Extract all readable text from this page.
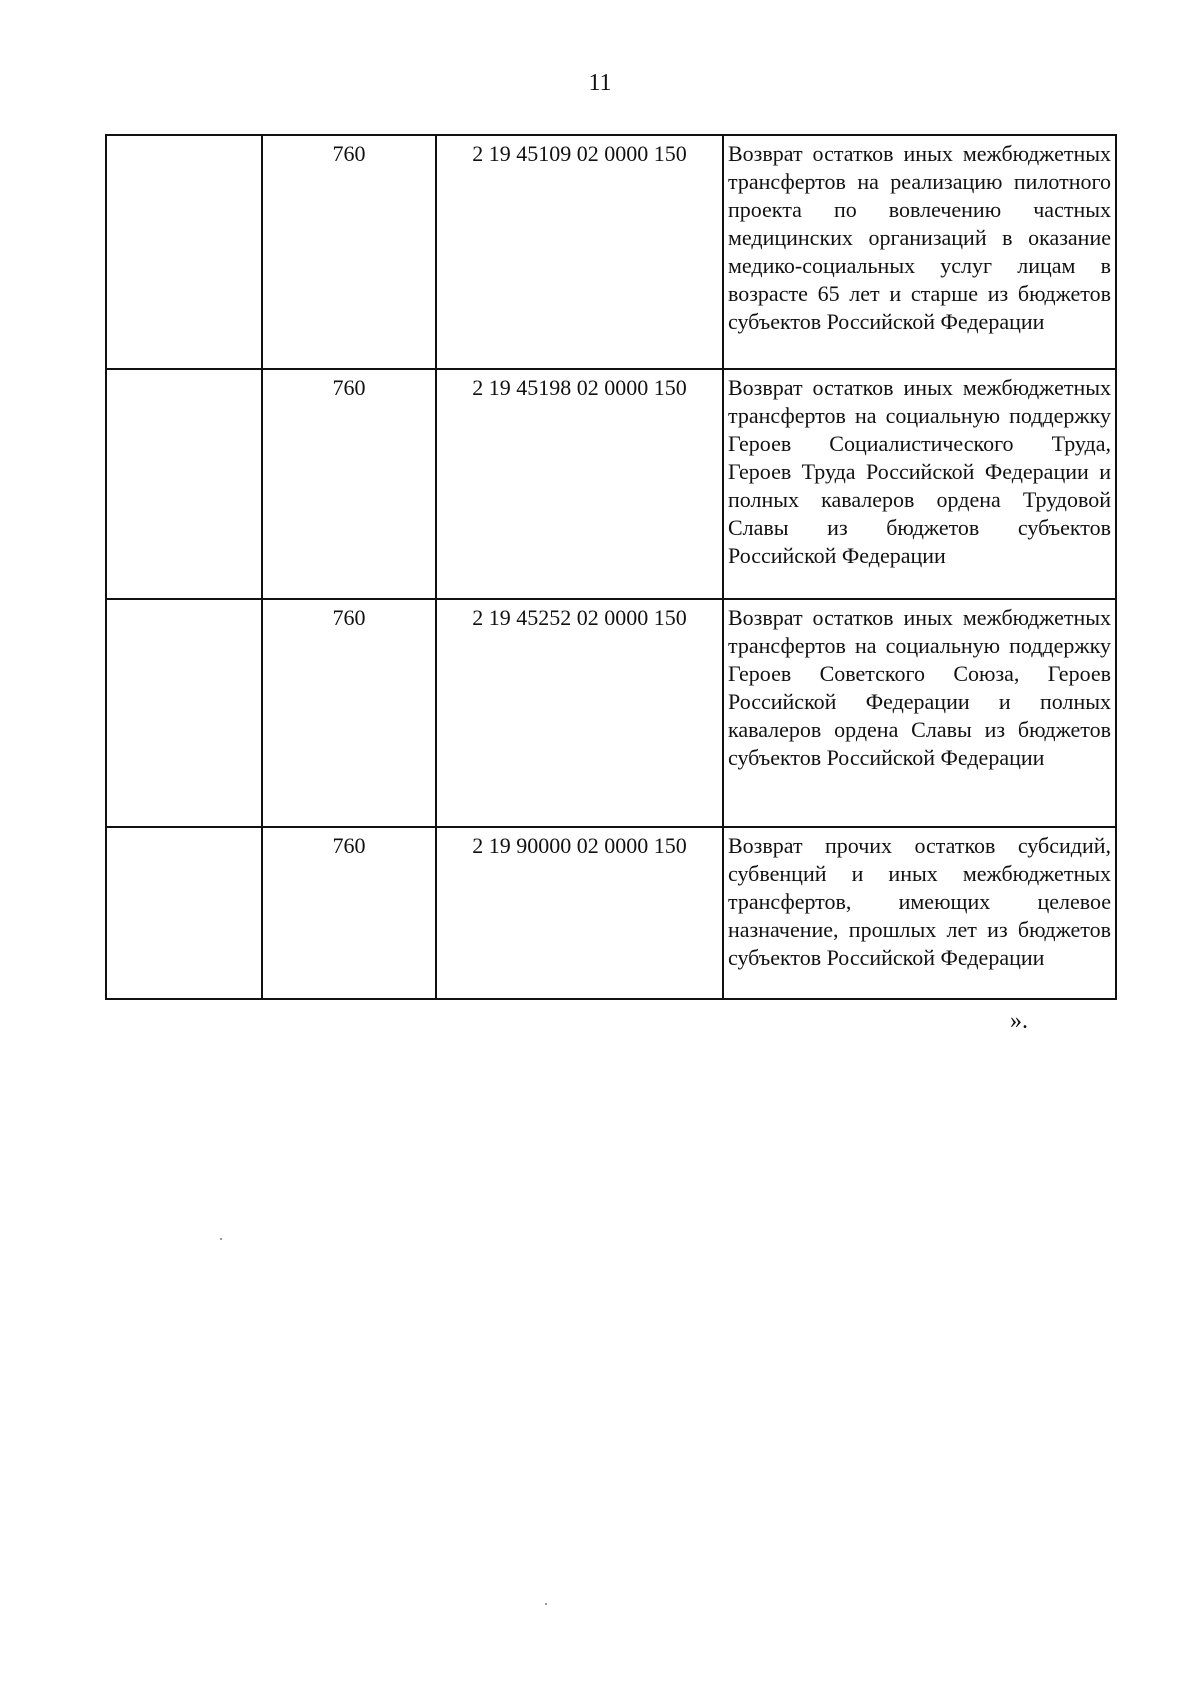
11
	760	2 19 45109 02 0000 150	Возврат остатков иных межбюджетных трансфертов на реализацию пилотного проекта по вовлечению частных медицинских организаций в оказание медико-социальных услуг лицам в возрасте 65 лет и старше из бюджетов субъектов Российской Федерации
	760	2 19 45198 02 0000 150	Возврат остатков иных межбюджетных трансфертов на социальную поддержку Героев Социалистического Труда, Героев Труда Российской Федерации и полных кавалеров ордена Трудовой Славы из бюджетов субъектов Российской Федерации
	760	2 19 45252 02 0000 150	Возврат остатков иных межбюджетных трансфертов на социальную поддержку Героев Советского Союза, Героев Российской Федерации и полных кавалеров ордена Славы из бюджетов субъектов Российской Федерации
	760	2 19 90000 02 0000 150	Возврат прочих остатков субсидий, субвенций и иных межбюджетных трансфертов, имеющих целевое назначение, прошлых лет из бюджетов субъектов Российской Федерации
».
